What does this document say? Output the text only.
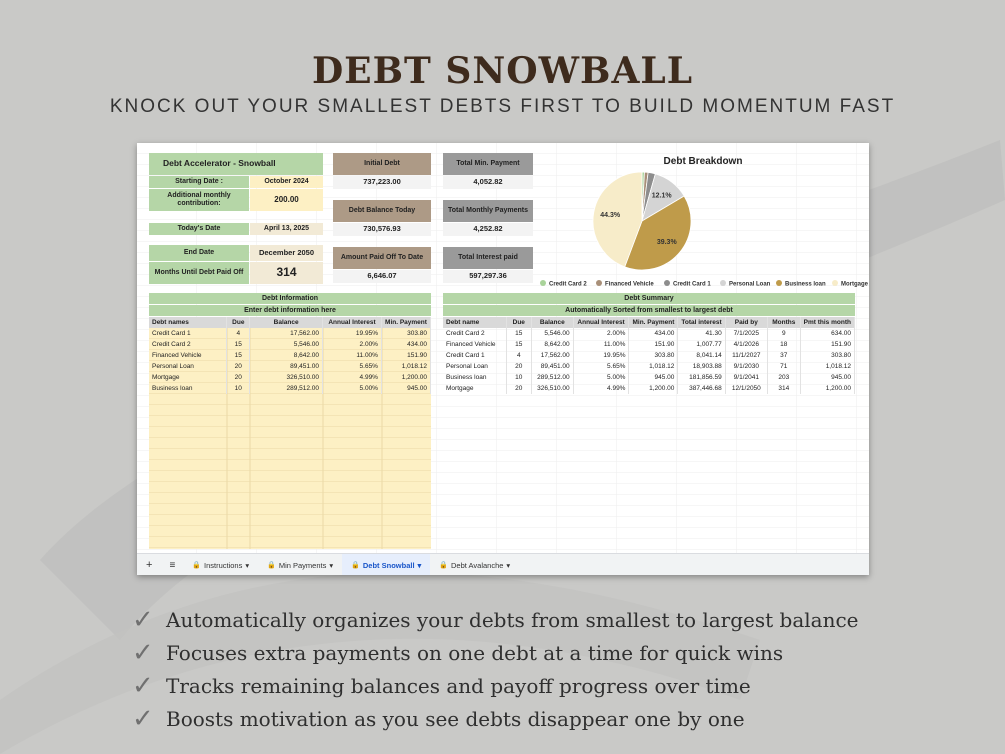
DEBT SNOWBALL
KNOCK OUT YOUR SMALLEST DEBTS FIRST TO BUILD MOMENTUM FAST
Debt Accelerator - Snowball
Starting Date :	October 2024
Additional monthly contribution:	200.00
Today's Date	April 13, 2025
End Date	December 2050
Months Until Debt Paid Off	314
Initial Debt
737,223.00
Debt Balance Today
730,576.93
Amount Paid Off To Date
6,646.07
Total Min. Payment
4,052.82
Total Monthly Payments
4,252.82
Total Interest paid
597,297.36
Debt Breakdown
12.1%
39.3%
44.3%
Credit Card 2	Financed Vehicle	Credit Card 1	Personal Loan Business loan	Mortgage
Debt Information
Enter debt information here
Debt names	Due	Balance	Annual Interest	Min. Payment
Credit Card 1	4	17,562.00	19.95%	303.80
Credit Card 2	15	5,546.00	2.00%	434.00
Financed Vehicle	15	8,642.00	11.00%	151.90
Personal Loan	20	89,451.00	5.65%	1,018.12
Mortgage	20	326,510.00	4.99%	1,200.00
Business loan	10	289,512.00	5.00%	945.00
Debt Summary
Automatically Sorted from smallest to largest debt
Debt name	Due	Balance	Annual Interest	Min. Payment	Total interest	Paid by	Months	Pmt this month
Credit Card 2	15	5,546.00	2.00%	434.00	41.30	7/1/2025	9	634.00
Financed Vehicle	15	8,642.00	11.00%	151.90	1,007.77	4/1/2026	18	151.90
Credit Card 1	4	17,562.00	19.95%	303.80	8,041.14	11/1/2027	37	303.80
Personal Loan	20	89,451.00	5.65%	1,018.12	18,903.88	9/1/2030	71	1,018.12
Business loan	10	289,512.00	5.00%	945.00	181,856.59	9/1/2041	203	945.00
Mortgage	20	326,510.00	4.99%	1,200.00	387,446.68	12/1/2050	314	1,200.00
+	≡	🔒 Instructions ▾	🔒 Min Payments ▾	🔒 Debt Snowball ▾	🔒 Debt Avalanche ▾
✓ Automatically organizes your debts from smallest to largest balance
✓ Focuses extra payments on one debt at a time for quick wins
✓ Tracks remaining balances and payoff progress over time
✓ Boosts motivation as you see debts disappear one by one
